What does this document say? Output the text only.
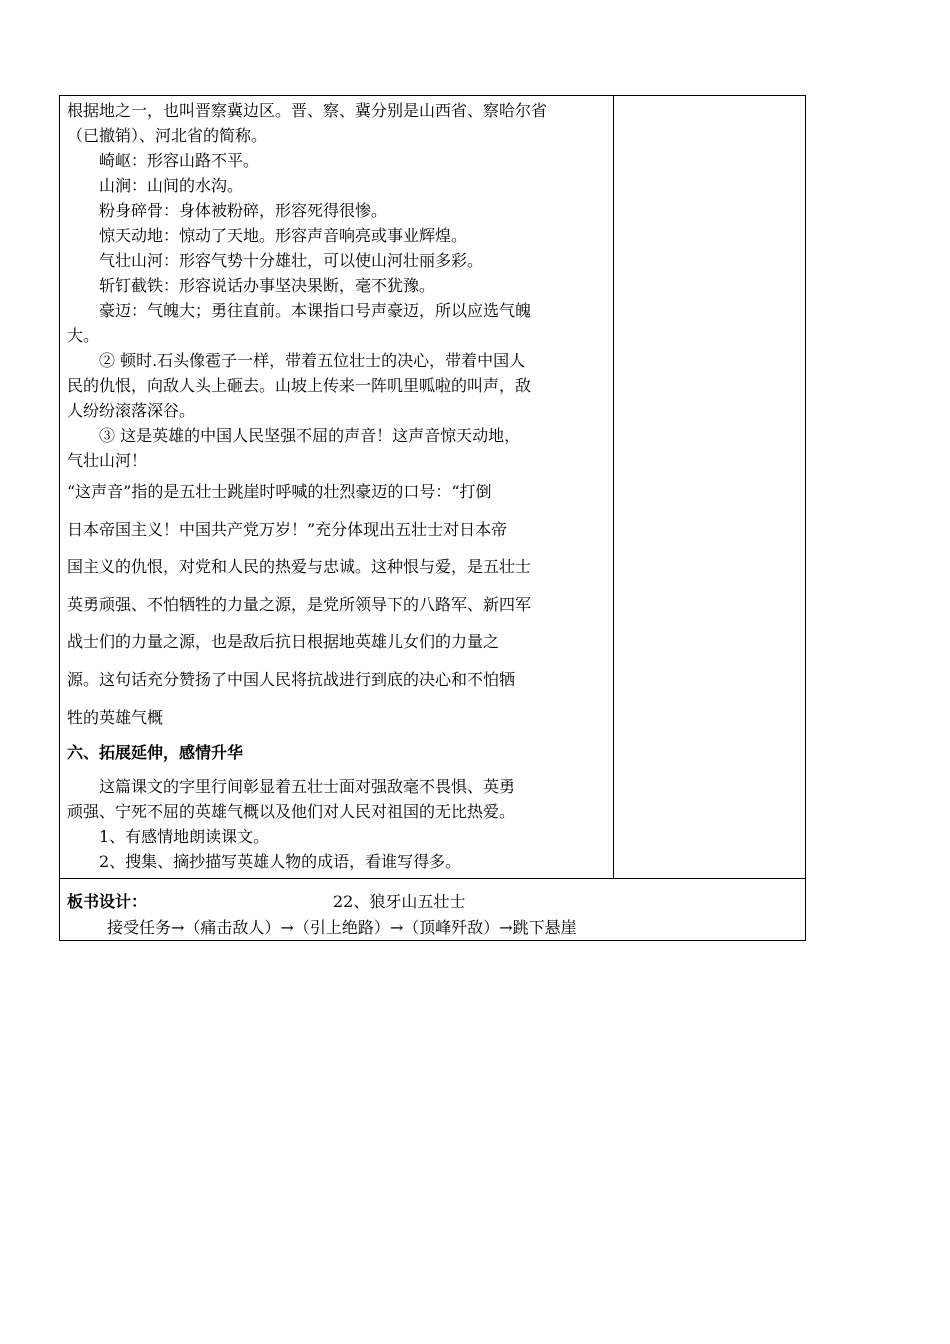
根据地之一，也叫晋察冀边区。晋、察、冀分别是山西省、察哈尔省
（已撤销）、河北省的简称。
崎岖：形容山路不平。
山涧：山间的水沟。
粉身碎骨：身体被粉碎，形容死得很惨。
惊天动地：惊动了天地。形容声音响亮或事业辉煌。
气壮山河：形容气势十分雄壮，可以使山河壮丽多彩。
斩钉截铁：形容说话办事坚决果断，毫不犹豫。
豪迈：气魄大；勇往直前。本课指口号声豪迈，所以应选气魄
大。
② 顿时.石头像雹子一样，带着五位壮士的决心，带着中国人
民的仇恨，向敌人头上砸去。山坡上传来一阵叽里呱啦的叫声，敌
人纷纷滚落深谷。
③ 这是英雄的中国人民坚强不屈的声音！这声音惊天动地，
气壮山河！
“这声音”指的是五壮士跳崖时呼喊的壮烈豪迈的口号：“打倒
日本帝国主义！中国共产党万岁！”充分体现出五壮士对日本帝
国主义的仇恨，对党和人民的热爱与忠诚。这种恨与爱，是五壮士
英勇顽强、不怕牺牲的力量之源，是党所领导下的八路军、新四军
战士们的力量之源，也是敌后抗日根据地英雄儿女们的力量之
源。这句话充分赞扬了中国人民将抗战进行到底的决心和不怕牺
牲的英雄气概
六、拓展延伸，感情升华
这篇课文的字里行间彰显着五壮士面对强敌毫不畏惧、英勇
顽强、宁死不屈的英雄气概以及他们对人民对祖国的无比热爱。
1、有感情地朗读课文。
2、搜集、摘抄描写英雄人物的成语，看谁写得多。

板书设计：	22、狼牙山五壮士
接受任务→（痛击敌人）→（引上绝路）→（顶峰歼敌）→跳下悬崖
